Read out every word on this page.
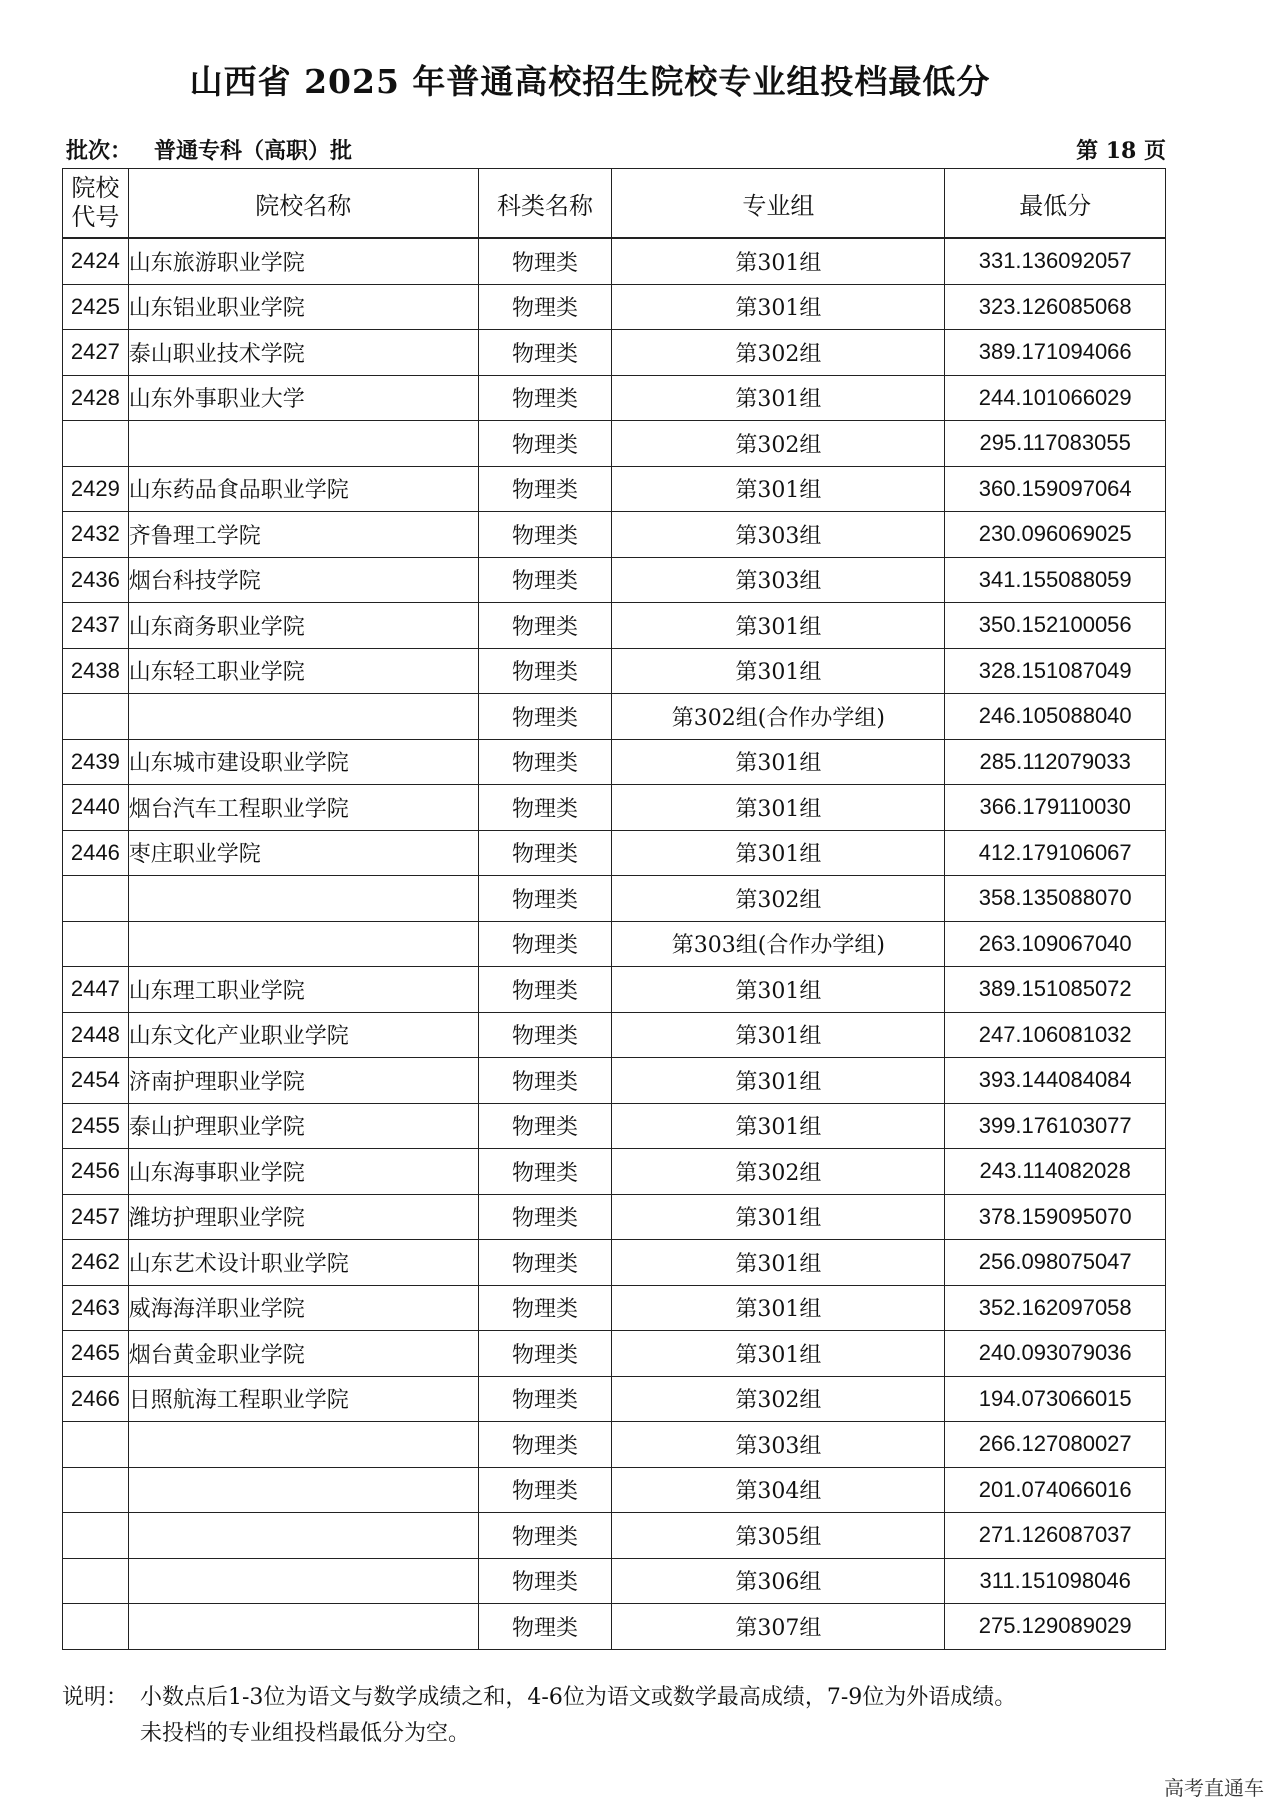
山西省 2025 年普通高校招生院校专业组投档最低分
批次： 普通专科（高职）批	第 18 页
院校
代号	院校名称	科类名称	专业组	最低分
2424	山东旅游职业学院	物理类	第301组	331.136092057
2425	山东铝业职业学院	物理类	第301组	323.126085068
2427	泰山职业技术学院	物理类	第302组	389.171094066
2428	山东外事职业大学	物理类	第301组	244.101066029
		物理类	第302组	295.117083055
2429	山东药品食品职业学院	物理类	第301组	360.159097064
2432	齐鲁理工学院	物理类	第303组	230.096069025
2436	烟台科技学院	物理类	第303组	341.155088059
2437	山东商务职业学院	物理类	第301组	350.152100056
2438	山东轻工职业学院	物理类	第301组	328.151087049
		物理类	第302组(合作办学组)	246.105088040
2439	山东城市建设职业学院	物理类	第301组	285.112079033
2440	烟台汽车工程职业学院	物理类	第301组	366.179110030
2446	枣庄职业学院	物理类	第301组	412.179106067
		物理类	第302组	358.135088070
		物理类	第303组(合作办学组)	263.109067040
2447	山东理工职业学院	物理类	第301组	389.151085072
2448	山东文化产业职业学院	物理类	第301组	247.106081032
2454	济南护理职业学院	物理类	第301组	393.144084084
2455	泰山护理职业学院	物理类	第301组	399.176103077
2456	山东海事职业学院	物理类	第302组	243.114082028
2457	潍坊护理职业学院	物理类	第301组	378.159095070
2462	山东艺术设计职业学院	物理类	第301组	256.098075047
2463	威海海洋职业学院	物理类	第301组	352.162097058
2465	烟台黄金职业学院	物理类	第301组	240.093079036
2466	日照航海工程职业学院	物理类	第302组	194.073066015
		物理类	第303组	266.127080027
		物理类	第304组	201.074066016
		物理类	第305组	271.126087037
		物理类	第306组	311.151098046
		物理类	第307组	275.129089029
说明： 小数点后1-3位为语文与数学成绩之和，4-6位为语文或数学最高成绩，7-9位为外语成绩。
未投档的专业组投档最低分为空。
高考直通车
